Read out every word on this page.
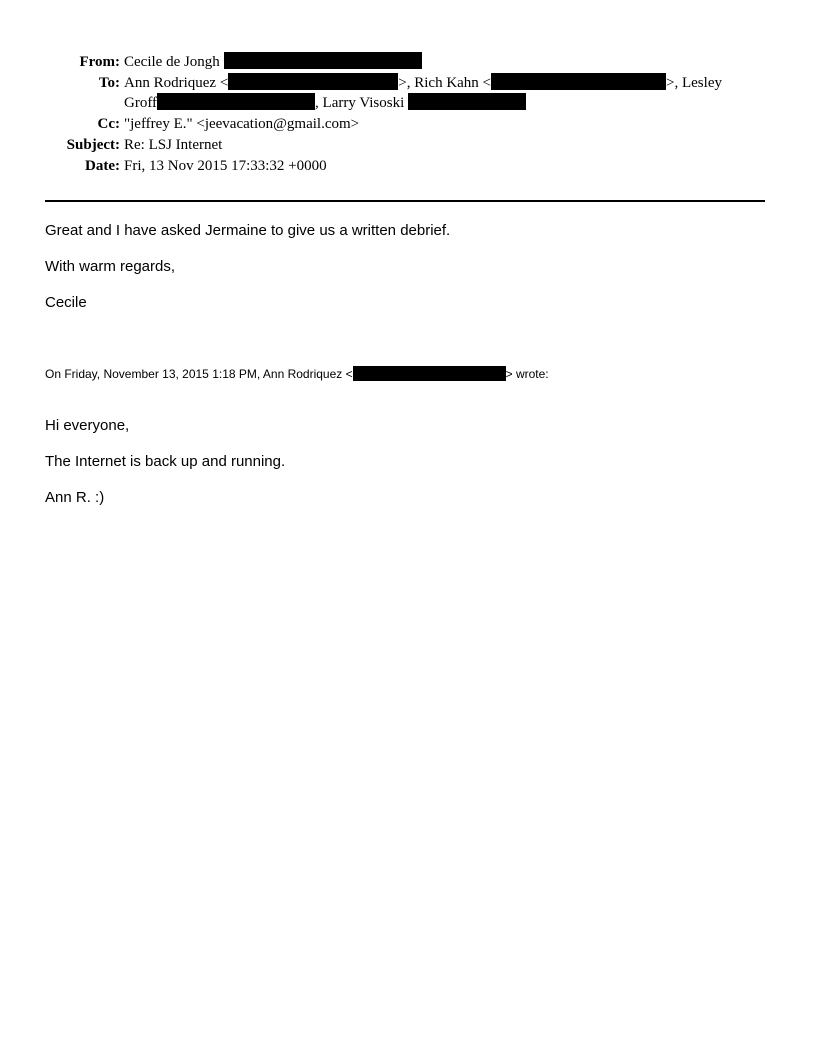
From: Cecile de Jongh
To: Ann Rodriquez <	>, Rich Kahn <	>, Lesley
Groff	, Larry Visoski
Cc: "jeffrey E." <jeevacation@gmail.com>
Subject: Re: LSJ Internet
Date: Fri, 13 Nov 2015 17:33:32 +0000
Great and I have asked Jermaine to give us a written debrief.
With warm regards,
Cecile
On Friday, November 13, 2015 1:18 PM, Ann Rodriquez <	> wrote:
Hi everyone,
The Internet is back up and running.
Ann R. :)
